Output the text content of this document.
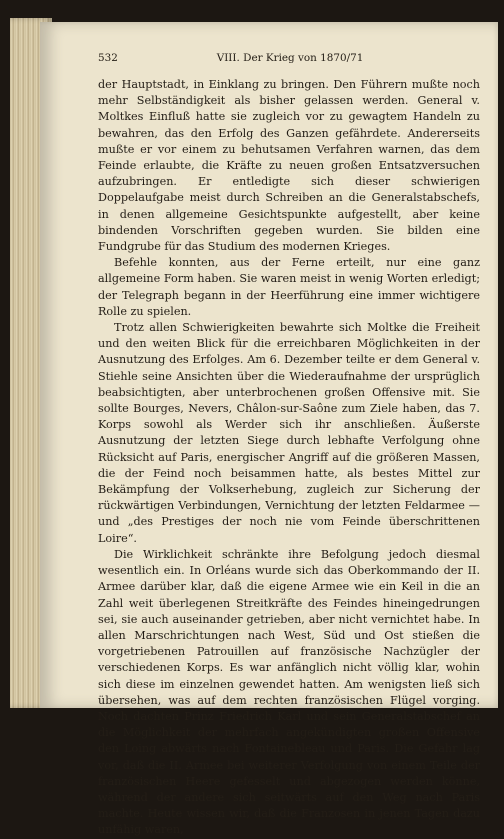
532	VIII. Der Krieg von 1870/71

der Hauptstadt, in Einklang zu bringen. Den Führern mußte noch mehr Selbständigkeit als bisher gelassen werden. General v. Moltkes Einfluß hatte sie zugleich vor zu gewagtem Handeln zu bewahren, das den Erfolg des Ganzen gefährdete. Andererseits mußte er vor einem zu behutsamen Verfahren warnen, das dem Feinde erlaubte, die Kräfte zu neuen großen Entsatzversuchen aufzubringen. Er entledigte sich dieser schwierigen Doppelaufgabe meist durch Schreiben an die Generalstabschefs, in denen allgemeine Gesichtspunkte aufgestellt, aber keine bindenden Vorschriften gegeben wurden. Sie bilden eine Fundgrube für das Studium des modernen Krieges.

Befehle konnten, aus der Ferne erteilt, nur eine ganz allgemeine Form haben. Sie waren meist in wenig Worten erledigt; der Telegraph begann in der Heerführung eine immer wichtigere Rolle zu spielen.

Trotz allen Schwierigkeiten bewahrte sich Moltke die Freiheit und den weiten Blick für die erreichbaren Möglichkeiten in der Ausnutzung des Erfolges. Am 6. Dezember teilte er dem General v. Stiehle seine Ansichten über die Wiederaufnahme der ursprüglich beabsichtigten, aber unterbrochenen großen Offensive mit. Sie sollte Bourges, Nevers, Châlon-sur-Saône zum Ziele haben, das 7. Korps sowohl als Werder sich ihr anschließen. Äußerste Ausnutzung der letzten Siege durch lebhafte Verfolgung ohne Rücksicht auf Paris, energischer Angriff auf die größeren Massen, die der Feind noch beisammen hatte, als bestes Mittel zur Bekämpfung der Volkserhebung, zugleich zur Sicherung der rückwärtigen Verbindungen, Vernichtung der letzten Feldarmee — und „des Prestiges der noch nie vom Feinde überschrittenen Loire“.

Die Wirklichkeit schränkte ihre Befolgung jedoch diesmal wesentlich ein. In Orléans wurde sich das Oberkommando der II. Armee darüber klar, daß die eigene Armee wie ein Keil in die an Zahl weit überlegenen Streitkräfte des Feindes hineingedrungen sei, sie auch auseinander getrieben, aber nicht vernichtet habe. In allen Marschrichtungen nach West, Süd und Ost stießen die vorgetriebenen Patrouillen auf französische Nachzügler der verschiedenen Korps. Es war anfänglich nicht völlig klar, wohin sich diese im einzelnen gewendet hatten. Am wenigsten ließ sich übersehen, was auf dem rechten französischen Flügel vorging. Noch dachten Prinz Friedrich Karl und sein Generalstabschef an die Möglichkeit der mehrfach angekündigten großen Offensive den Loing abwärts nach Fontainebleau und Paris. Die Gefahr lag vor, daß die II. Armee bei weiterer Verfolgung von einem Teile der französischen Heere gefesselt und abgezogen werden könne, während der andere sich seitwärts auf den Weg nach Paris machte. Heute wissen wir, daß die Franzosen in jenen Tagen dazu unfähig waren,
